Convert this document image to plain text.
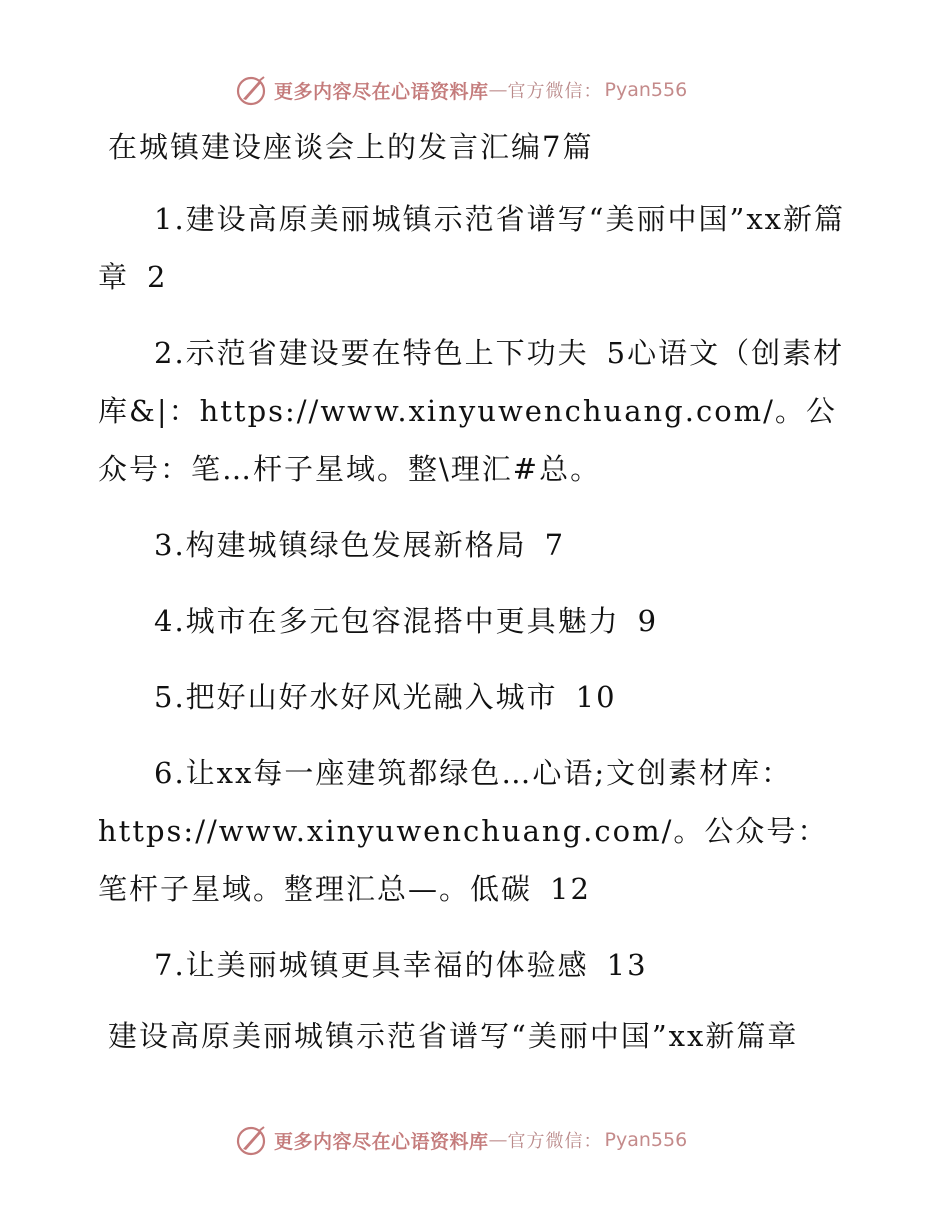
更多内容尽在心语资料库 — 官方微信： Pyan556
在城镇建设座谈会上的发言汇编7篇
1.建设高原美丽城镇示范省谱写“美丽中国”xx新篇章 2
2.示范省建设要在特色上下功夫 5心语文（创素材库&|：https://www.xinyuwenchuang.com/。公众号：笔…杆子星域。整\理汇#总。
3.构建城镇绿色发展新格局 7
4.城市在多元包容混搭中更具魅力 9
5.把好山好水好风光融入城市 10
6.让xx每一座建筑都绿色…心语;文创素材库：https://www.xinyuwenchuang.com/。公众号：笔杆子星域。整理汇总—。低碳 12
7.让美丽城镇更具幸福的体验感 13
建设高原美丽城镇示范省谱写“美丽中国”xx新篇章
更多内容尽在心语资料库 — 官方微信： Pyan556
